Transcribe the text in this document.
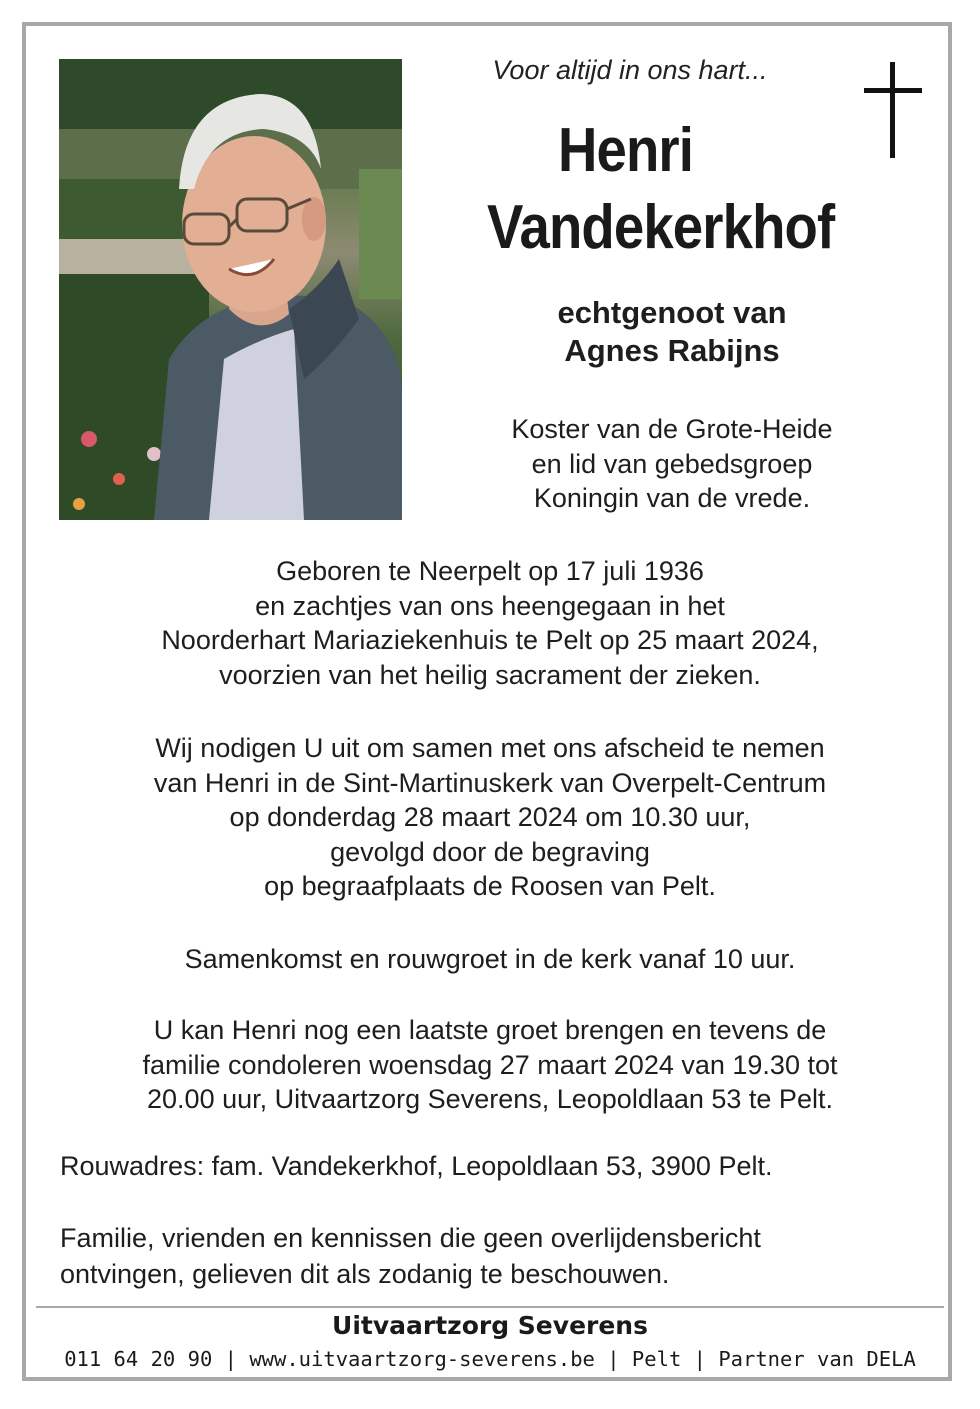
Voor altijd in ons hart...
Henri
Vandekerkhof
echtgenoot van
Agnes Rabijns
Koster van de Grote-Heide
en lid van gebedsgroep
Koningin van de vrede.
Geboren te Neerpelt op 17 juli 1936
en zachtjes van ons heengegaan in het
Noorderhart Mariaziekenhuis te Pelt op 25 maart 2024,
voorzien van het heilig sacrament der zieken.
Wij nodigen U uit om samen met ons afscheid te nemen
van Henri in de Sint-Martinuskerk van Overpelt-Centrum
op donderdag 28 maart 2024 om 10.30 uur,
gevolgd door de begraving
op begraafplaats de Roosen van Pelt.
Samenkomst en rouwgroet in de kerk vanaf 10 uur.
U kan Henri nog een laatste groet brengen en tevens de
familie condoleren woensdag 27 maart 2024 van 19.30 tot
20.00 uur, Uitvaartzorg Severens, Leopoldlaan 53 te Pelt.
Rouwadres: fam. Vandekerkhof, Leopoldlaan 53, 3900 Pelt.
Familie, vrienden en kennissen die geen overlijdensbericht
ontvingen, gelieven dit als zodanig te beschouwen.
Uitvaartzorg Severens
011 64 20 90 | www.uitvaartzorg-severens.be | Pelt | Partner van DELA
